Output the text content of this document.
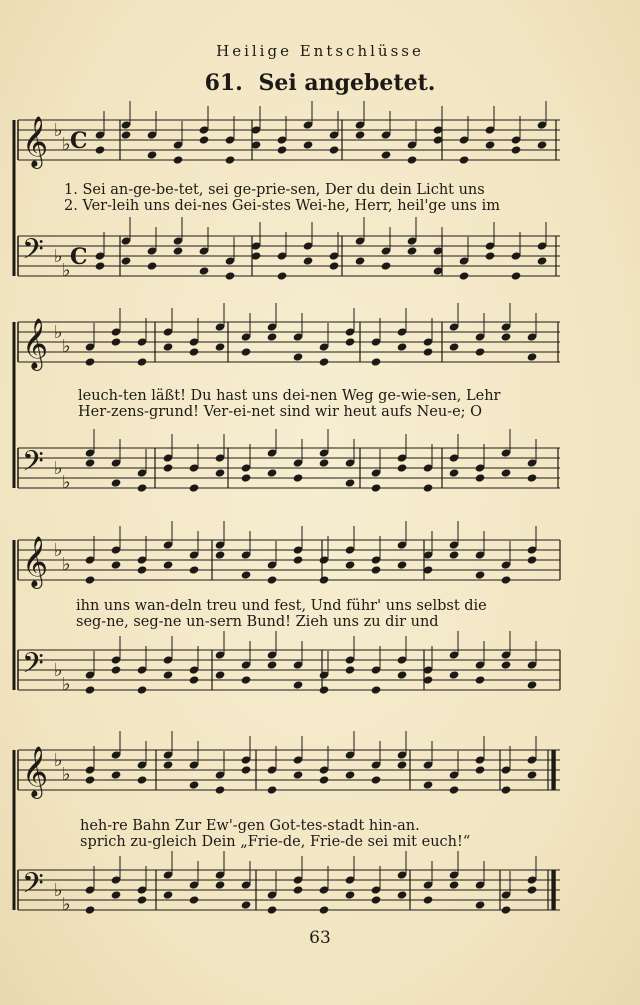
Heilige Entschlüsse
61. Sei angebetet.
𝄞 ♭
♭ C
𝄢 ♭
♭
C
𝄞 ♭
♭
𝄢 ♭
♭
𝄞 ♭
♭
𝄢 ♭
♭
𝄞 ♭
♭
𝄢 ♭
♭
1. Sei an-ge-be-tet, sei ge-prie-sen, Der du dein Licht uns
2. Ver-leih uns dei-nes Gei-stes Wei-he, Herr, heil'ge uns im
leuch-ten läßt! Du hast uns dei-nen Weg ge-wie-sen, Lehr
Her-zens-grund! Ver-ei-net sind wir heut aufs Neu-e; O
ihn uns wan-deln treu und fest, Und führ' uns selbst die
seg-ne, seg-ne un-sern Bund! Zieh uns zu dir und
heh-re Bahn Zur Ew'-gen Got-tes-stadt hin-an.
sprich zu-gleich Dein „Frie-de, Frie-de sei mit euch!“
63
